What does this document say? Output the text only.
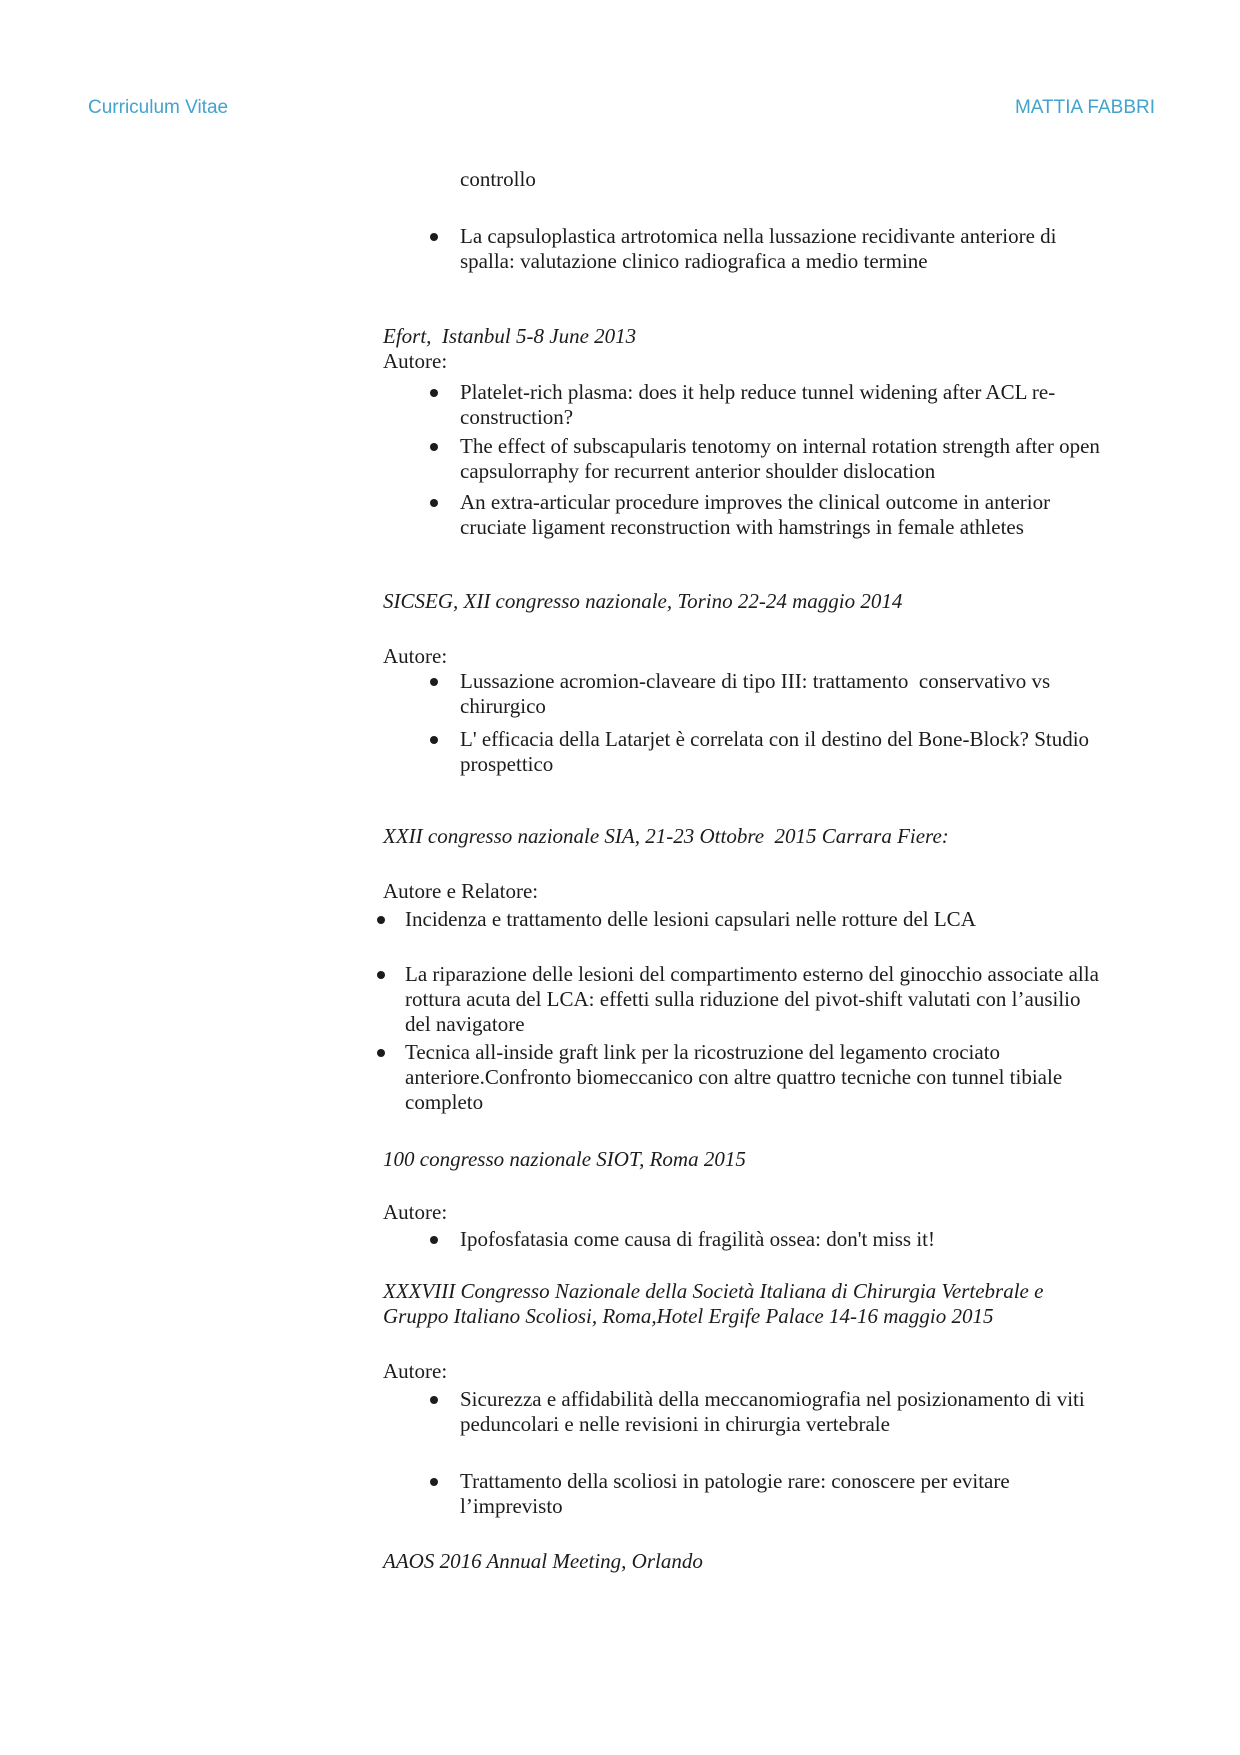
Curriculum Vitae	MATTIA FABBRI
controllo
La capsuloplastica artrotomica nella lussazione recidivante anteriore di spalla: valutazione clinico radiografica a medio termine
Efort,  Istanbul 5-8 June 2013
Autore:
Platelet-rich plasma: does it help reduce tunnel widening after ACL re-construction?
The effect of subscapularis tenotomy on internal rotation strength after open capsulorraphy for recurrent anterior shoulder dislocation
An extra-articular procedure improves the clinical outcome in anterior cruciate ligament reconstruction with hamstrings in female athletes
SICSEG, XII congresso nazionale, Torino 22-24 maggio 2014
Autore:
Lussazione acromion-claveare di tipo III: trattamento  conservativo vs chirurgico
L' efficacia della Latarjet è correlata con il destino del Bone-Block? Studio prospettico
XXII congresso nazionale SIA, 21-23 Ottobre  2015 Carrara Fiere:
Autore e Relatore:
Incidenza e trattamento delle lesioni capsulari nelle rotture del LCA
La riparazione delle lesioni del compartimento esterno del ginocchio associate alla  rottura acuta del LCA: effetti sulla riduzione del pivot-shift valutati con l’ausilio del navigatore
Tecnica all-inside graft link per la ricostruzione del legamento crociato anteriore.Confronto biomeccanico con altre quattro tecniche con tunnel tibiale completo
100 congresso nazionale SIOT, Roma 2015
Autore:
Ipofosfatasia come causa di fragilità ossea: don't miss it!
XXXVIII Congresso Nazionale della Società Italiana di Chirurgia Vertebrale e Gruppo Italiano Scoliosi, Roma,Hotel Ergife Palace 14-16 maggio 2015
Autore:
Sicurezza e affidabilità della meccanomiografia nel posizionamento di viti peduncolari e nelle revisioni in chirurgia vertebrale
Trattamento della scoliosi in patologie rare: conoscere per evitare l’imprevisto
AAOS 2016 Annual Meeting, Orlando
